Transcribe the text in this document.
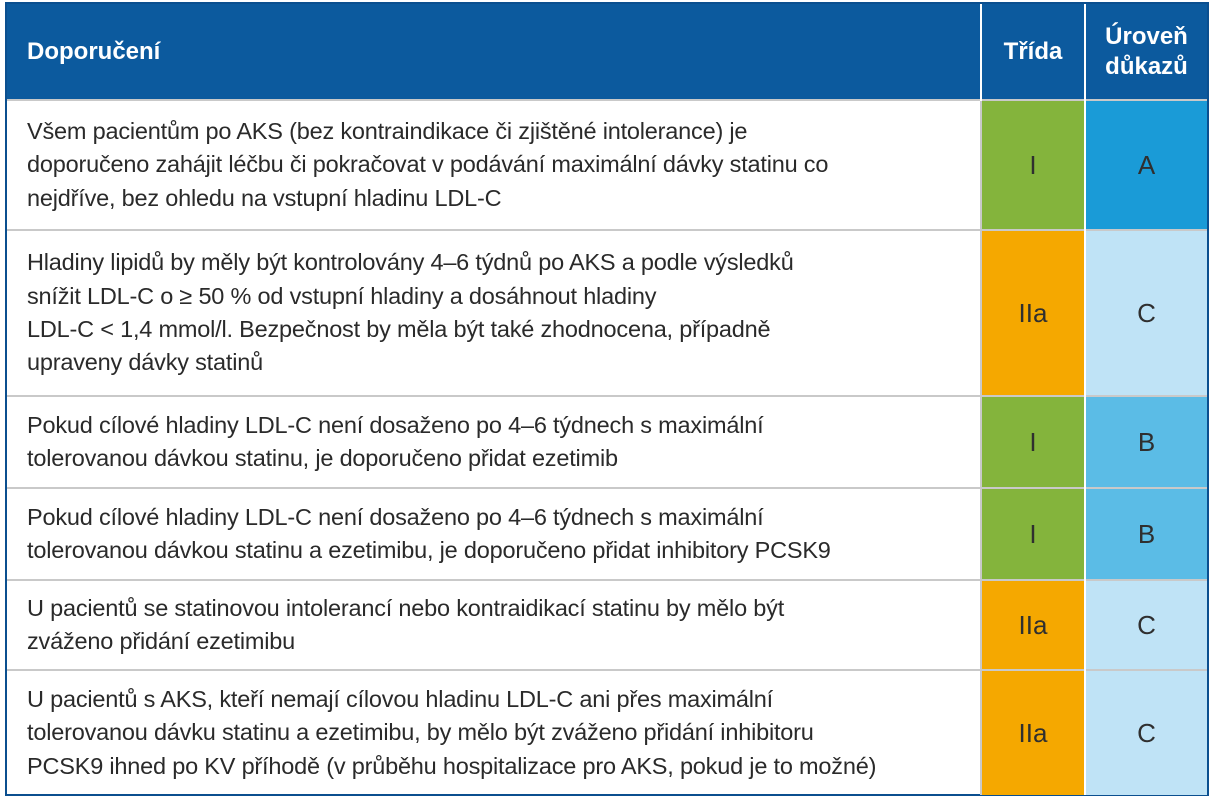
Doporučení	Třída	Úroveň
důkazů
Všem pacientům po AKS (bez kontraindikace či zjištěné intolerance) je
doporučeno zahájit léčbu či pokračovat v podávání maximální dávky statinu co
nejdříve, bez ohledu na vstupní hladinu LDL-C	I	A
Hladiny lipidů by měly být kontrolovány 4–6 týdnů po AKS a podle výsledků
snížit LDL-C o ≥ 50 % od vstupní hladiny a dosáhnout hladiny
LDL-C < 1,4 mmol/l. Bezpečnost by měla být také zhodnocena, případně
upraveny dávky statinů	IIa	C
Pokud cílové hladiny LDL-C není dosaženo po 4–6 týdnech s maximální
tolerovanou dávkou statinu, je doporučeno přidat ezetimib	I	B
Pokud cílové hladiny LDL-C není dosaženo po 4–6 týdnech s maximální
tolerovanou dávkou statinu a ezetimibu, je doporučeno přidat inhibitory PCSK9	I	B
U pacientů se statinovou intolerancí nebo kontraidikací statinu by mělo být
zváženo přidání ezetimibu	IIa	C
U pacientů s AKS, kteří nemají cílovou hladinu LDL-C ani přes maximální
tolerovanou dávku statinu a ezetimibu, by mělo být zváženo přidání inhibitoru
PCSK9 ihned po KV příhodě (v průběhu hospitalizace pro AKS, pokud je to možné)	IIa	C
